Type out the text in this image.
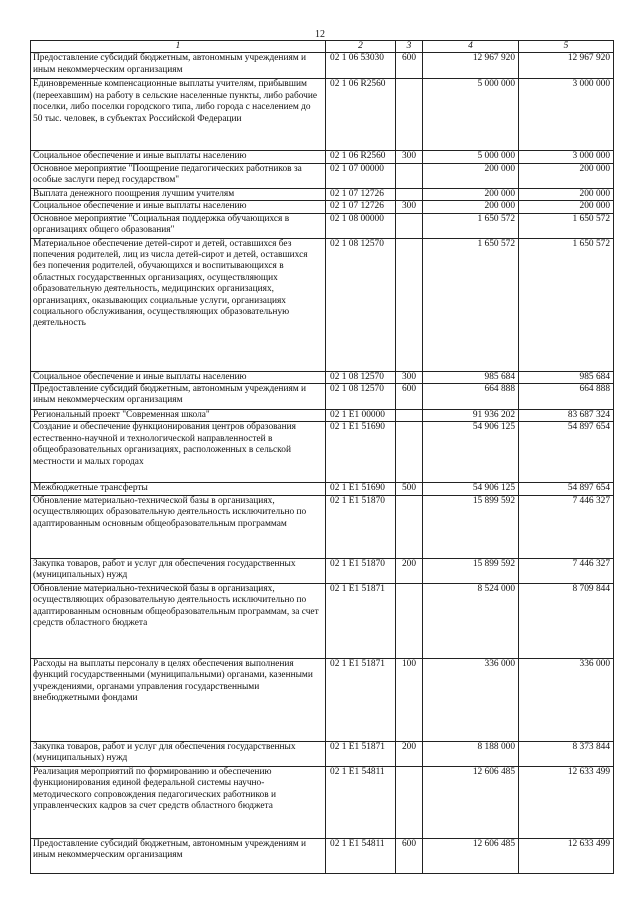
12
1	2	3	4	5
Предоставление субсидий бюджетным, автономным учреждениям и иным некоммерческим организациям	02 1 06 53030	600	12 967 920	12 967 920
Единовременные компенсационные выплаты учителям, прибывшим (переехавшим) на работу в сельские населенные пункты, либо рабочие поселки, либо поселки городского типа, либо города с населением до 50 тыс. человек, в субъектах Российской Федерации	02 1 06 R2560		5 000 000	3 000 000
Социальное обеспечение и иные выплаты населению	02 1 06 R2560	300	5 000 000	3 000 000
Основное мероприятие "Поощрение педагогических работников за особые заслуги перед государством"	02 1 07 00000		200 000	200 000
Выплата денежного поощрения лучшим учителям	02 1 07 12726		200 000	200 000
Социальное обеспечение и иные выплаты населению	02 1 07 12726	300	200 000	200 000
Основное мероприятие "Социальная поддержка обучающихся в организациях общего образования"	02 1 08 00000		1 650 572	1 650 572
Материальное обеспечение детей-сирот и детей, оставшихся без попечения родителей, лиц из числа детей-сирот и детей, оставшихся без попечения родителей, обучающихся и воспитывающихся в областных государственных организациях, осуществляющих образовательную деятельность, медицинских организациях, организациях, оказывающих социальные услуги, организациях социального обслуживания, осуществляющих образовательную деятельность	02 1 08 12570		1 650 572	1 650 572
Социальное обеспечение и иные выплаты населению	02 1 08 12570	300	985 684	985 684
Предоставление субсидий бюджетным, автономным учреждениям и иным некоммерческим организациям	02 1 08 12570	600	664 888	664 888
Региональный проект "Современная школа"	02 1 E1 00000		91 936 202	83 687 324
Создание и обеспечение функционирования центров образования естественно-научной и технологической направленностей в общеобразовательных организациях, расположенных в сельской местности и малых городах	02 1 E1 51690		54 906 125	54 897 654
Межбюджетные трансферты	02 1 E1 51690	500	54 906 125	54 897 654
Обновление материально-технической базы в организациях, осуществляющих образовательную деятельность исключительно по адаптированным основным общеобразовательным программам	02 1 E1 51870		15 899 592	7 446 327
Закупка товаров, работ и услуг для обеспечения государственных (муниципальных) нужд	02 1 E1 51870	200	15 899 592	7 446 327
Обновление материально-технической базы в организациях, осуществляющих образовательную деятельность исключительно по адаптированным основным общеобразовательным программам, за счет средств областного бюджета	02 1 E1 51871		8 524 000	8 709 844
Расходы на выплаты персоналу в целях обеспечения выполнения функций государственными (муниципальными) органами, казенными учреждениями, органами управления государственными внебюджетными фондами	02 1 E1 51871	100	336 000	336 000
Закупка товаров, работ и услуг для обеспечения государственных (муниципальных) нужд	02 1 E1 51871	200	8 188 000	8 373 844
Реализация мероприятий по формированию и обеспечению функционирования единой федеральной системы научно-методического сопровождения педагогических работников и управленческих кадров за счет средств областного бюджета	02 1 E1 54811		12 606 485	12 633 499
Предоставление субсидий бюджетным, автономным учреждениям и иным некоммерческим организациям	02 1 E1 54811	600	12 606 485	12 633 499
